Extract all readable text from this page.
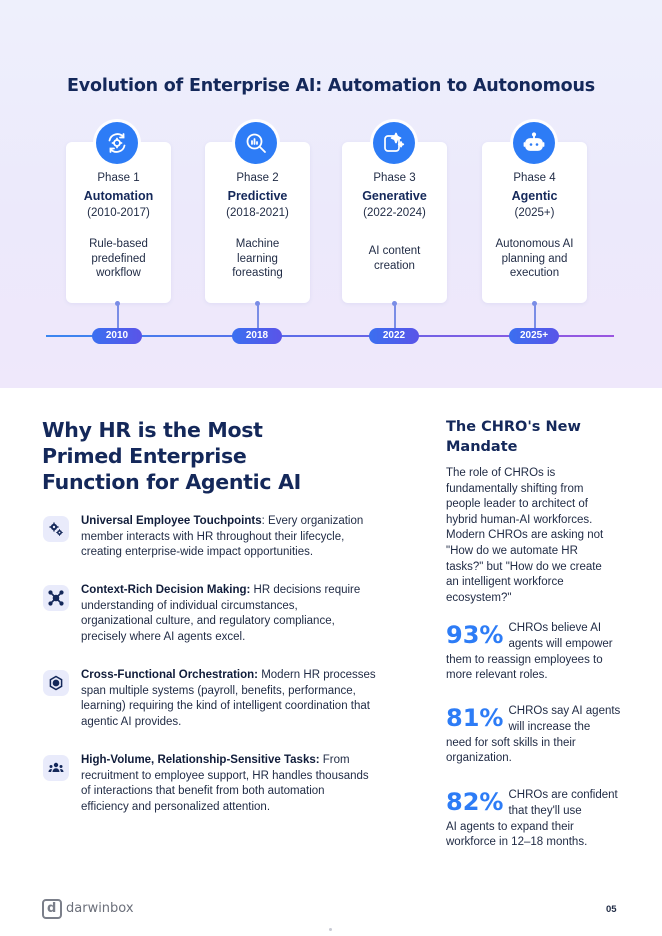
Evolution of Enterprise AI: Automation to Autonomous
Phase 1
Automation
(2010-2017)
Rule-based
predefined
workflow
Phase 2
Predictive
(2018-2021)
Machine
learning
foreasting
Phase 3
Generative
(2022-2024)
AI content
creation
Phase 4
Agentic
(2025+)
Autonomous AI
planning and
execution
2010	2018	2022	2025+
Why HR is the Most
Primed Enterprise
Function for Agentic AI
Universal Employee Touchpoints: Every organization
member interacts with HR throughout their lifecycle,
creating enterprise-wide impact opportunities.
Context-Rich Decision Making: HR decisions require
understanding of individual circumstances,
organizational culture, and regulatory compliance,
precisely where AI agents excel.
Cross-Functional Orchestration: Modern HR processes
span multiple systems (payroll, benefits, performance,
learning) requiring the kind of intelligent coordination that
agentic AI provides.
High-Volume, Relationship-Sensitive Tasks: From
recruitment to employee support, HR handles thousands
of interactions that benefit from both automation
efficiency and personalized attention.
The CHRO's New
Mandate
The role of CHROs is
fundamentally shifting from
people leader to architect of
hybrid human-AI workforces.
Modern CHROs are asking not
"How do we automate HR
tasks?" but "How do we create
an intelligent workforce
ecosystem?"
93% CHROs believe AI
agents will empower
them to reassign employees to
more relevant roles.
81% CHROs say AI agents
will increase the
need for soft skills in their
organization.
82% CHROs are confident
that they'll use
AI agents to expand their
workforce in 12–18 months.
d darwinbox	05
